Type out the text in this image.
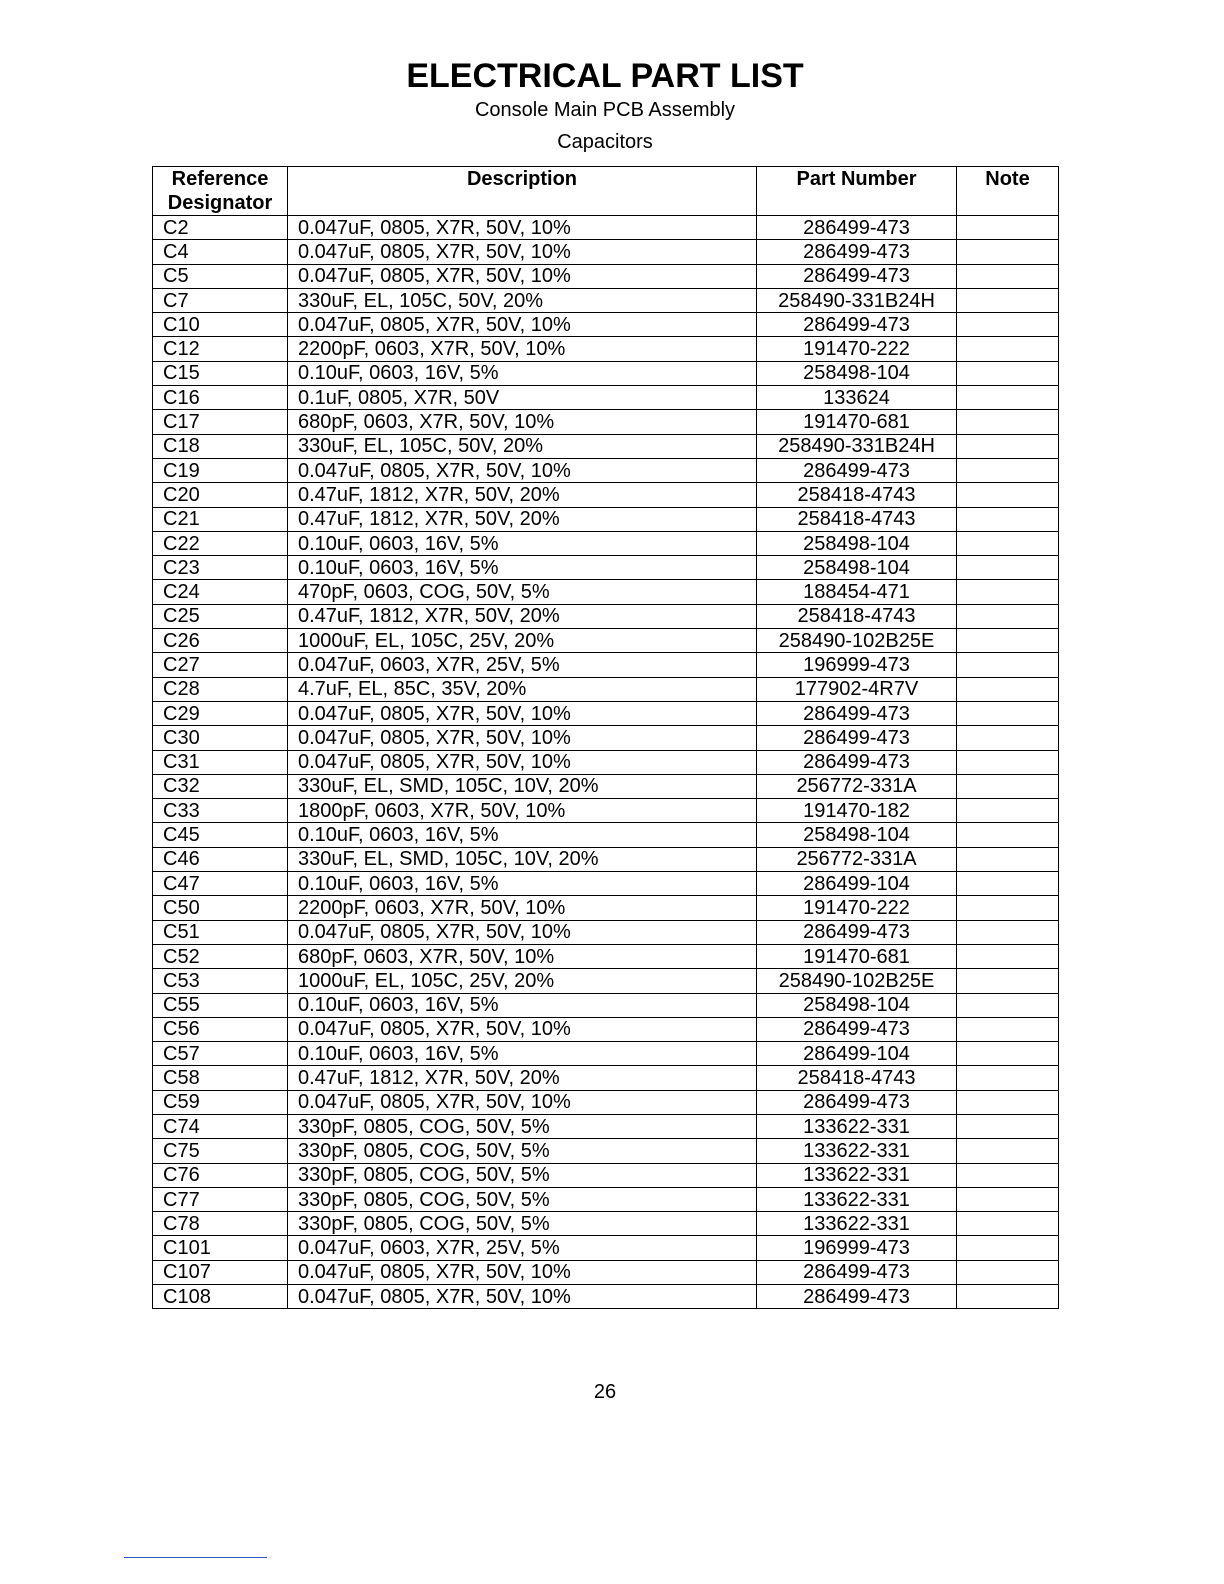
ELECTRICAL PART LIST
Console Main PCB Assembly
Capacitors
Reference Designator	Description	Part Number	Note
C2	0.047uF, 0805, X7R, 50V, 10%	286499-473	
C4	0.047uF, 0805, X7R, 50V, 10%	286499-473	
C5	0.047uF, 0805, X7R, 50V, 10%	286499-473	
C7	330uF, EL, 105C, 50V, 20%	258490-331B24H	
C10	0.047uF, 0805, X7R, 50V, 10%	286499-473	
C12	2200pF, 0603, X7R, 50V, 10%	191470-222	
C15	0.10uF, 0603, 16V, 5%	258498-104	
C16	0.1uF, 0805, X7R, 50V	133624	
C17	680pF, 0603, X7R, 50V, 10%	191470-681	
C18	330uF, EL, 105C, 50V, 20%	258490-331B24H	
C19	0.047uF, 0805, X7R, 50V, 10%	286499-473	
C20	0.47uF, 1812, X7R, 50V, 20%	258418-4743	
C21	0.47uF, 1812, X7R, 50V, 20%	258418-4743	
C22	0.10uF, 0603, 16V, 5%	258498-104	
C23	0.10uF, 0603, 16V, 5%	258498-104	
C24	470pF, 0603, COG, 50V, 5%	188454-471	
C25	0.47uF, 1812, X7R, 50V, 20%	258418-4743	
C26	1000uF, EL, 105C, 25V, 20%	258490-102B25E	
C27	0.047uF, 0603, X7R, 25V, 5%	196999-473	
C28	4.7uF, EL, 85C, 35V, 20%	177902-4R7V	
C29	0.047uF, 0805, X7R, 50V, 10%	286499-473	
C30	0.047uF, 0805, X7R, 50V, 10%	286499-473	
C31	0.047uF, 0805, X7R, 50V, 10%	286499-473	
C32	330uF, EL, SMD, 105C, 10V, 20%	256772-331A	
C33	1800pF, 0603, X7R, 50V, 10%	191470-182	
C45	0.10uF, 0603, 16V, 5%	258498-104	
C46	330uF, EL, SMD, 105C, 10V, 20%	256772-331A	
C47	0.10uF, 0603, 16V, 5%	286499-104	
C50	2200pF, 0603, X7R, 50V, 10%	191470-222	
C51	0.047uF, 0805, X7R, 50V, 10%	286499-473	
C52	680pF, 0603, X7R, 50V, 10%	191470-681	
C53	1000uF, EL, 105C, 25V, 20%	258490-102B25E	
C55	0.10uF, 0603, 16V, 5%	258498-104	
C56	0.047uF, 0805, X7R, 50V, 10%	286499-473	
C57	0.10uF, 0603, 16V, 5%	286499-104	
C58	0.47uF, 1812, X7R, 50V, 20%	258418-4743	
C59	0.047uF, 0805, X7R, 50V, 10%	286499-473	
C74	330pF, 0805, COG, 50V, 5%	133622-331	
C75	330pF, 0805, COG, 50V, 5%	133622-331	
C76	330pF, 0805, COG, 50V, 5%	133622-331	
C77	330pF, 0805, COG, 50V, 5%	133622-331	
C78	330pF, 0805, COG, 50V, 5%	133622-331	
C101	0.047uF, 0603, X7R, 25V, 5%	196999-473	
C107	0.047uF, 0805, X7R, 50V, 10%	286499-473	
C108	0.047uF, 0805, X7R, 50V, 10%	286499-473	
26
